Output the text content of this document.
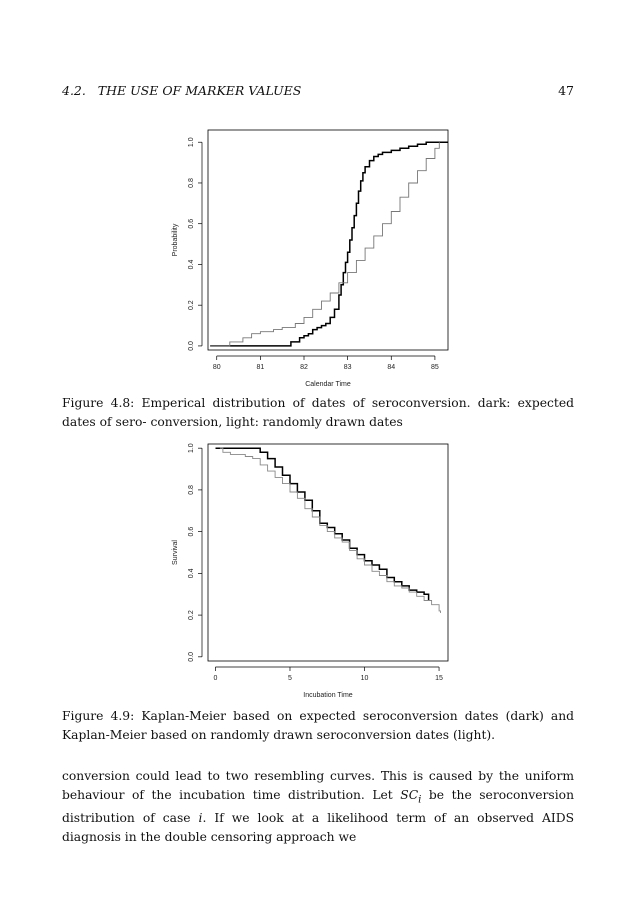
4.2. THE USE OF MARKER VALUES	47
80	81	82	83	84	85
0.0
0.2
0.4
0.6
0.8
1.0
Calendar Time
Probability
Figure 4.8: Emperical distribution of dates of seroconversion. dark: expected dates of sero- conversion, light: randomly drawn dates
0	5	10	15
0.0
0.2
0.4
0.6
0.8
1.0
Incubation Time
Survival
Figure 4.9: Kaplan-Meier based on expected seroconversion dates (dark) and Kaplan-Meier based on randomly drawn seroconversion dates (light).

conversion could lead to two resembling curves. This is caused by the uniform behaviour of the incubation time distribution. Let $SC_i$ be the seroconversion distribution of case i. If we look at a likelihood term of an observed AIDS diagnosis in the double censoring approach we
